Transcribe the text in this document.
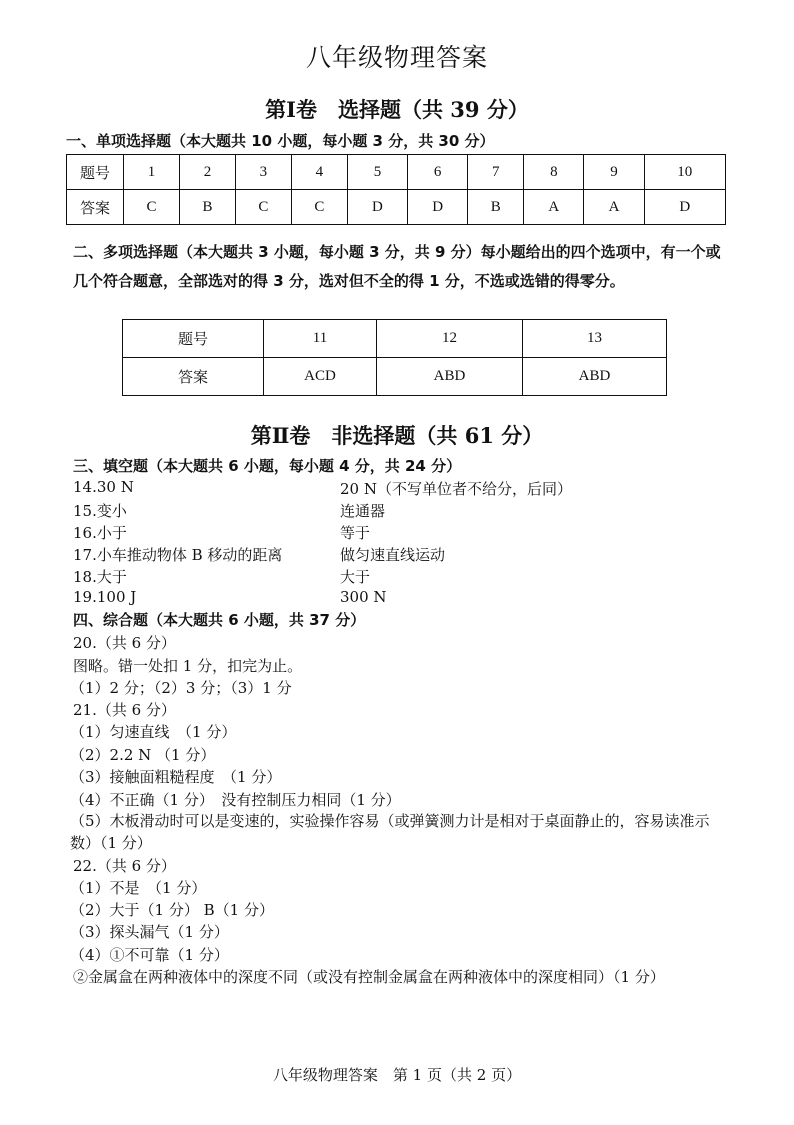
八年级物理答案
第Ⅰ卷　选择题（共 39 分）
一、单项选择题（本大题共 10 小题，每小题 3 分，共 30 分）
题号	1	2	3	4	5	6	7	8	9	10
答案	C	B	C	C	D	D	B	A	A	D
二、多项选择题（本大题共 3 小题，每小题 3 分，共 9 分）每小题给出的四个选项中，有一个或几个符合题意，全部选对的得 3 分，选对但不全的得 1 分，不选或选错的得零分。
题号	11	12	13
答案	ACD	ABD	ABD
第Ⅱ卷　非选择题（共 61 分）
三、填空题（本大题共 6 小题，每小题 4 分，共 24 分）
14.30 N	20 N（不写单位者不给分，后同）
15.变小	连通器
16.小于	等于
17.小车推动物体 B 移动的距离	做匀速直线运动
18.大于	大于
19.100 J	300 N
四、综合题（本大题共 6 小题，共 37 分）
20.（共 6 分）
图略。错一处扣 1 分，扣完为止。
（1）2 分；（2）3 分；（3）1 分
21.（共 6 分）
（1）匀速直线　（1 分）
（2）2.2 N （1 分）
（3）接触面粗糙程度　（1 分）
（4）不正确（1 分）　没有控制压力相同（1 分）
（5）木板滑动时可以是变速的，实验操作容易（或弹簧测力计是相对于桌面静止的，容易读准示数）（1 分）
22.（共 6 分）
（1）不是　（1 分）
（2）大于（1 分） B（1 分）
（3）探头漏气（1 分）
（4）①不可靠（1 分）
②金属盒在两种液体中的深度不同（或没有控制金属盒在两种液体中的深度相同）（1 分）
八年级物理答案　第 1 页（共 2 页）
